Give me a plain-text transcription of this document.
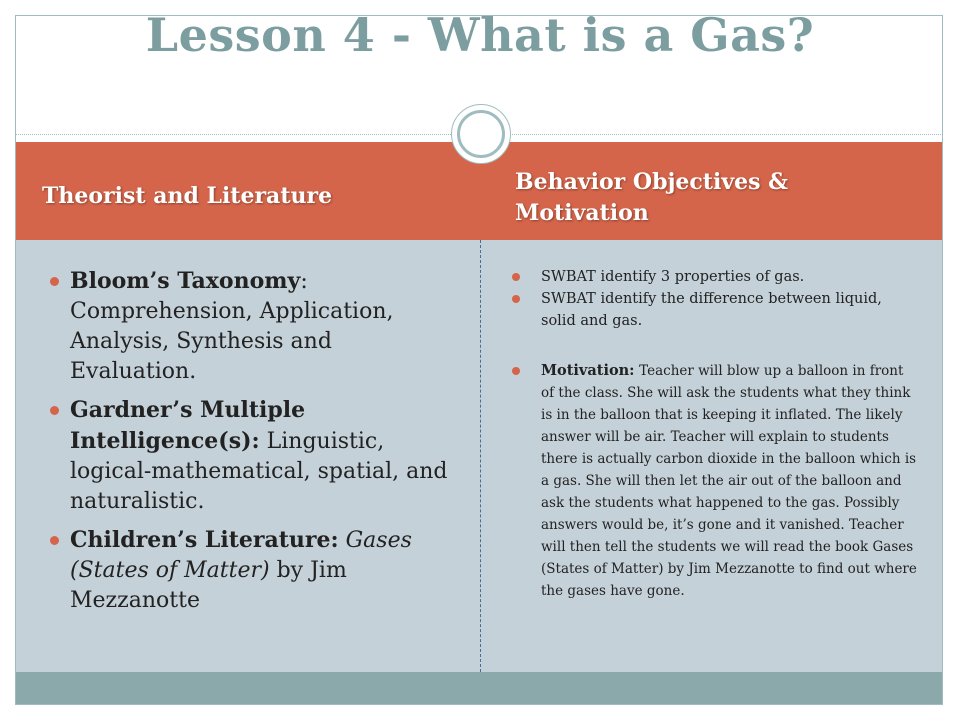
Lesson 4 - What is a Gas?
Theorist and Literature
Behavior Objectives & Motivation
Bloom’s Taxonomy: Comprehension, Application, Analysis, Synthesis and Evaluation.
Gardner’s Multiple Intelligence(s): Linguistic, logical-mathematical, spatial, and naturalistic.
Children’s Literature: Gases (States of Matter) by Jim Mezzanotte
SWBAT identify 3 properties of gas.
SWBAT identify the difference between liquid, solid and gas.
Motivation: Teacher will blow up a balloon in front of the class. She will ask the students what they think is in the balloon that is keeping it inflated. The likely answer will be air. Teacher will explain to students there is actually carbon dioxide in the balloon which is a gas. She will then let the air out of the balloon and ask the students what happened to the gas. Possibly answers would be, it’s gone and it vanished. Teacher will then tell the students we will read the book Gases (States of Matter) by Jim Mezzanotte to find out where the gases have gone.
